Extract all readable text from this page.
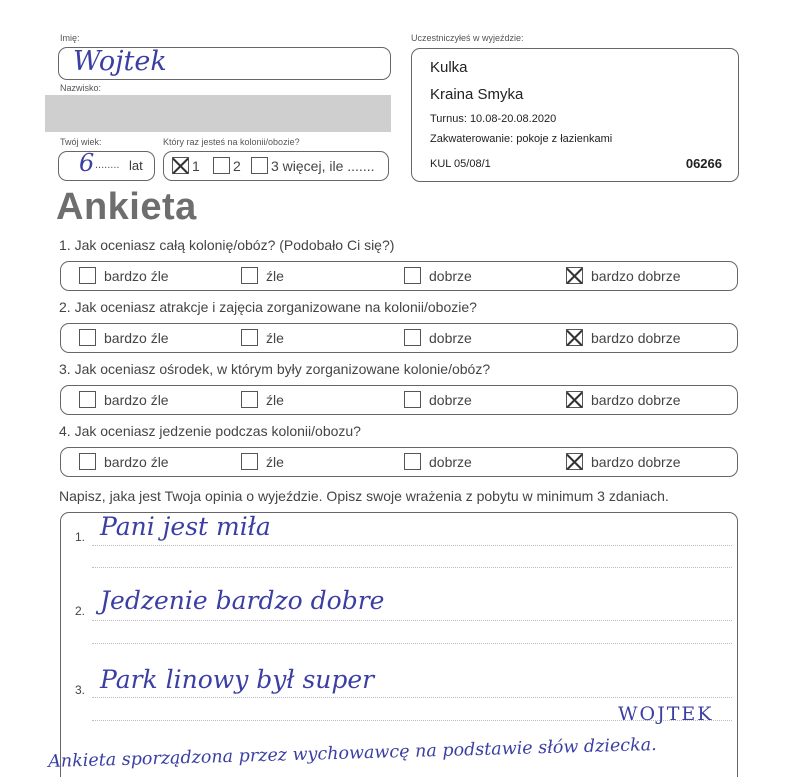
Imię:
Wojtek
Nazwisko:
Twój wiek:	Który raz jesteś na kolonii/obozie?
6 ........ lat	1 2 3 więcej, ile .......
Uczestniczyłeś w wyjeździe:
Kulka
Kraina Smyka
Turnus: 10.08-20.08.2020
Zakwaterowanie: pokoje z łazienkami
KUL 05/08/1	06266
Ankieta
1. Jak oceniasz całą kolonię/obóz? (Podobało Ci się?)
bardzo źle	źle	dobrze	bardzo dobrze
2. Jak oceniasz atrakcje i zajęcia zorganizowane na kolonii/obozie?
bardzo źle	źle	dobrze	bardzo dobrze
3. Jak oceniasz ośrodek, w którym były zorganizowane kolonie/obóz?
bardzo źle	źle	dobrze	bardzo dobrze
4. Jak oceniasz jedzenie podczas kolonii/obozu?
bardzo źle	źle	dobrze	bardzo dobrze
Napisz, jaka jest Twoja opinia o wyjeździe. Opisz swoje wrażenia z pobytu w minimum 3 zdaniach.
1. Pani jest miła
2. Jedzenie bardzo dobre
3. Park linowy był super
WOJTEK
Ankieta sporządzona przez wychowawcę na podstawie słów dziecka.
